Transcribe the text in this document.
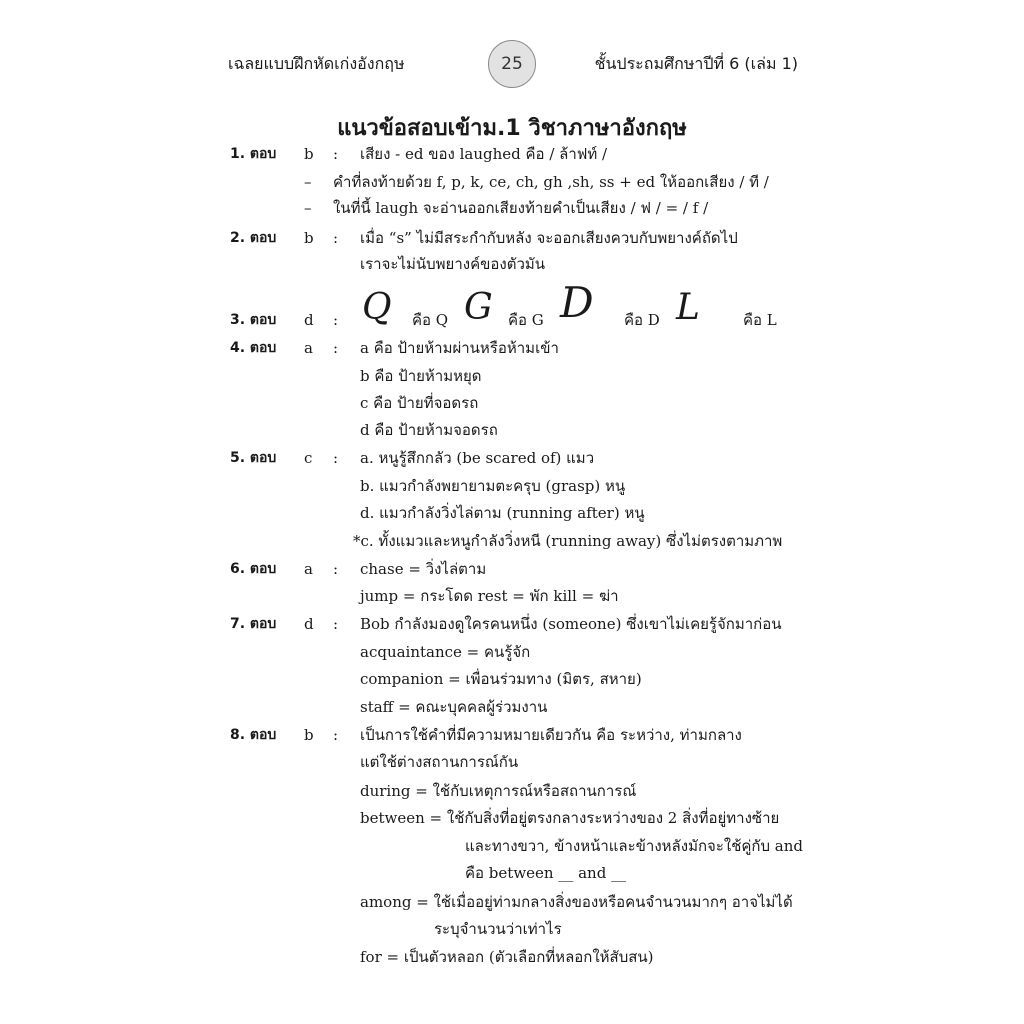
เฉลยแบบฝึกหัดเก่งอังกฤษ	25	ชั้นประถมศึกษาปีที่ 6 (เล่ม 1)
แนวข้อสอบเข้าม.1 วิชาภาษาอังกฤษ
1. ตอบ b : เสียง - ed ของ laughed คือ / ล้าฟท์ /
– คำที่ลงท้ายด้วย f, p, k, ce, ch, gh ,sh, ss + ed ให้ออกเสียง / ที /
– ในที่นี้ laugh จะอ่านออกเสียงท้ายคำเป็นเสียง / ฟ / = / f /
2. ตอบ b : เมื่อ “s” ไม่มีสระกำกับหลัง จะออกเสียงควบกับพยางค์ถัดไป
เราจะไม่นับพยางค์ของตัวมัน
3. ตอบ d : Q คือ Q G คือ G D คือ D L	คือ L
4. ตอบ a : a คือ ป้ายห้ามผ่านหรือห้ามเข้า
b คือ ป้ายห้ามหยุด
c คือ ป้ายที่จอดรถ
d คือ ป้ายห้ามจอดรถ
5. ตอบ c : a. หนูรู้สึกกลัว (be scared of) แมว
b. แมวกำลังพยายามตะครุบ (grasp) หนู
d. แมวกำลังวิ่งไล่ตาม (running after) หนู
*c. ทั้งแมวและหนูกำลังวิ่งหนี (running away) ซึ่งไม่ตรงตามภาพ
6. ตอบ a : chase = วิ่งไล่ตาม
jump = กระโดด rest = พัก kill = ฆ่า
7. ตอบ d : Bob กำลังมองดูใครคนหนึ่ง (someone) ซึ่งเขาไม่เคยรู้จักมาก่อน
acquaintance = คนรู้จัก
companion = เพื่อนร่วมทาง (มิตร, สหาย)
staff = คณะบุคคลผู้ร่วมงาน
8. ตอบ b : เป็นการใช้คำที่มีความหมายเดียวกัน คือ ระหว่าง, ท่ามกลาง
แต่ใช้ต่างสถานการณ์กัน
during = ใช้กับเหตุการณ์หรือสถานการณ์
between = ใช้กับสิ่งที่อยู่ตรงกลางระหว่างของ 2 สิ่งที่อยู่ทางซ้าย
และทางขวา, ข้างหน้าและข้างหลังมักจะใช้คู่กับ and
คือ between __ and __
among = ใช้เมื่ออยู่ท่ามกลางสิ่งของหรือคนจำนวนมากๆ อาจไม่ได้
ระบุจำนวนว่าเท่าไร
for = เป็นตัวหลอก (ตัวเลือกที่หลอกให้สับสน)
